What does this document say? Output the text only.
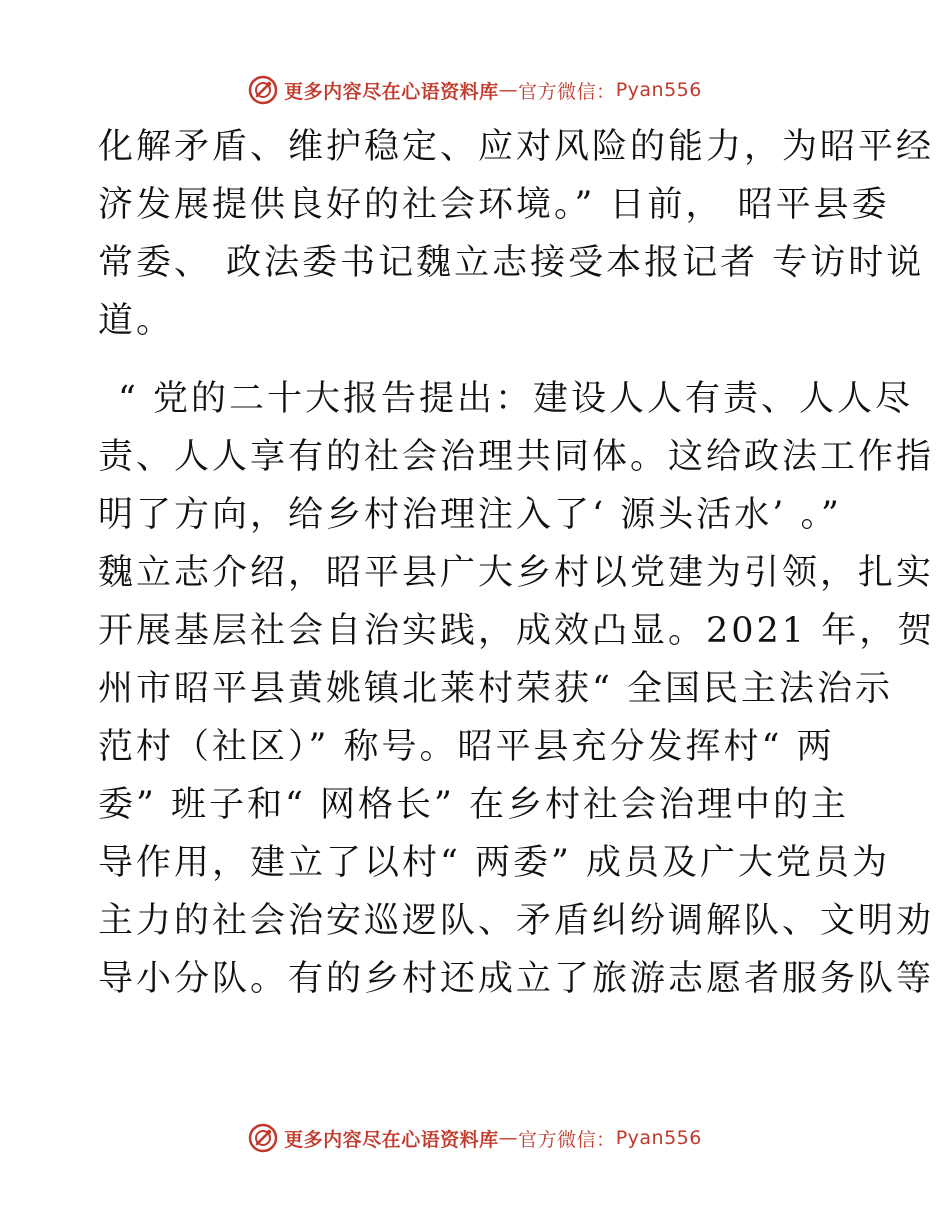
更多内容尽在心语资料库 — 官方微信： Pyan556
化解矛盾、维护稳定、应对风险的能力，为昭平经
济发展提供良好的社会环境。” 日前， 昭平县委
常委、 政法委书记魏立志接受本报记者 专访时说
道。
“ 党的二十大报告提出：建设人人有责、人人尽
责、人人享有的社会治理共同体。这给政法工作指
明了方向，给乡村治理注入了‘ 源头活水’ 。”
魏立志介绍，昭平县广大乡村以党建为引领，扎实
开展基层社会自治实践，成效凸显。2021 年，贺
州市昭平县黄姚镇北莱村荣获“ 全国民主法治示
范村（社区）” 称号。昭平县充分发挥村“ 两
委” 班子和“ 网格长” 在乡村社会治理中的主
导作用，建立了以村“ 两委” 成员及广大党员为
主力的社会治安巡逻队、矛盾纠纷调解队、文明劝
导小分队。有的乡村还成立了旅游志愿者服务队等
更多内容尽在心语资料库 — 官方微信： Pyan556
